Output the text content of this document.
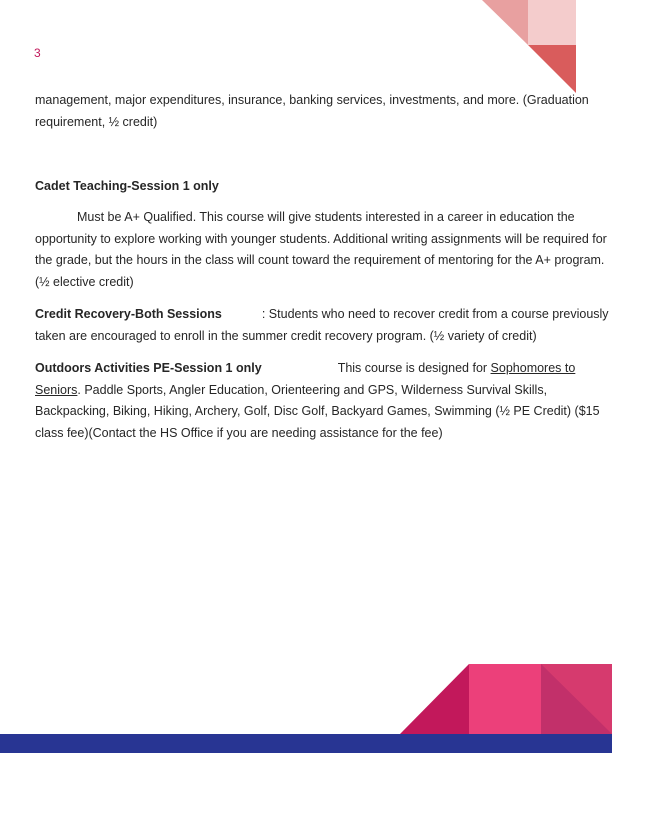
3
management, major expenditures, insurance, banking services, investments, and more. (Graduation requirement, ½ credit)
Cadet Teaching-Session 1 only
Must be A+ Qualified. This course will give students interested in a career in education the opportunity to explore working with younger students. Additional writing assignments will be required for the grade, but the hours in the class will count toward the requirement of mentoring for the A+ program. (½ elective credit)
Credit Recovery-Both Sessions	: Students who need to recover credit from a course previously taken are encouraged to enroll in the summer credit recovery program. (½ variety of credit)
Outdoors Activities PE-Session 1 only	This course is designed for Sophomores to Seniors. Paddle Sports, Angler Education, Orienteering and GPS, Wilderness Survival Skills, Backpacking, Biking, Hiking, Archery, Golf, Disc Golf, Backyard Games, Swimming (½ PE Credit) ($15 class fee)(Contact the HS Office if you are needing assistance for the fee)
